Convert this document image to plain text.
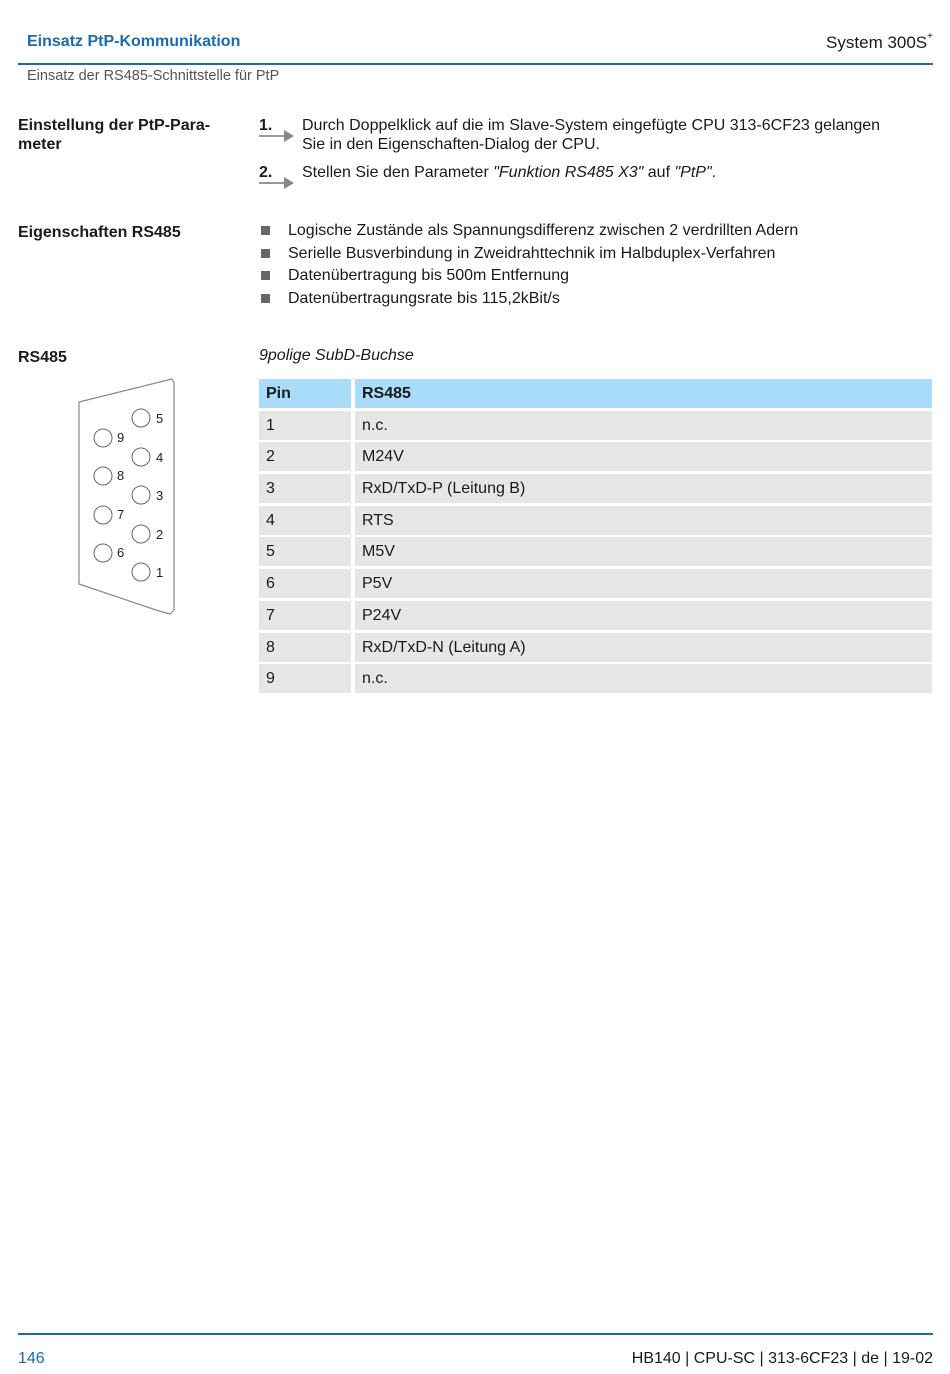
Einsatz PtP-Kommunikation	System 300S+
Einsatz der RS485-Schnittstelle für PtP
Einstellung der PtP-Para-
meter
1. Durch Doppelklick auf die im Slave-System eingefügte CPU 313-6CF23 gelangen
Sie in den Eigenschaften-Dialog der CPU.
2. Stellen Sie den Parameter "Funktion RS485 X3" auf "PtP".
Eigenschaften RS485	Logische Zustände als Spannungsdifferenz zwischen 2 verdrillten Adern
Serielle Busverbindung in Zweidrahttechnik im Halbduplex-Verfahren
Datenübertragung bis 500m Entfernung
Datenübertragungsrate bis 115,2kBit/s
RS485	9polige SubD-Buchse
5
4
3
2
1
9
8
7
6
Pin	RS485
1	n.c.
2	M24V
3	RxD/TxD-P (Leitung B)
4	RTS
5	M5V
6	P5V
7	P24V
8	RxD/TxD-N (Leitung A)
9	n.c.
146	HB140 | CPU-SC | 313-6CF23 | de | 19-02
